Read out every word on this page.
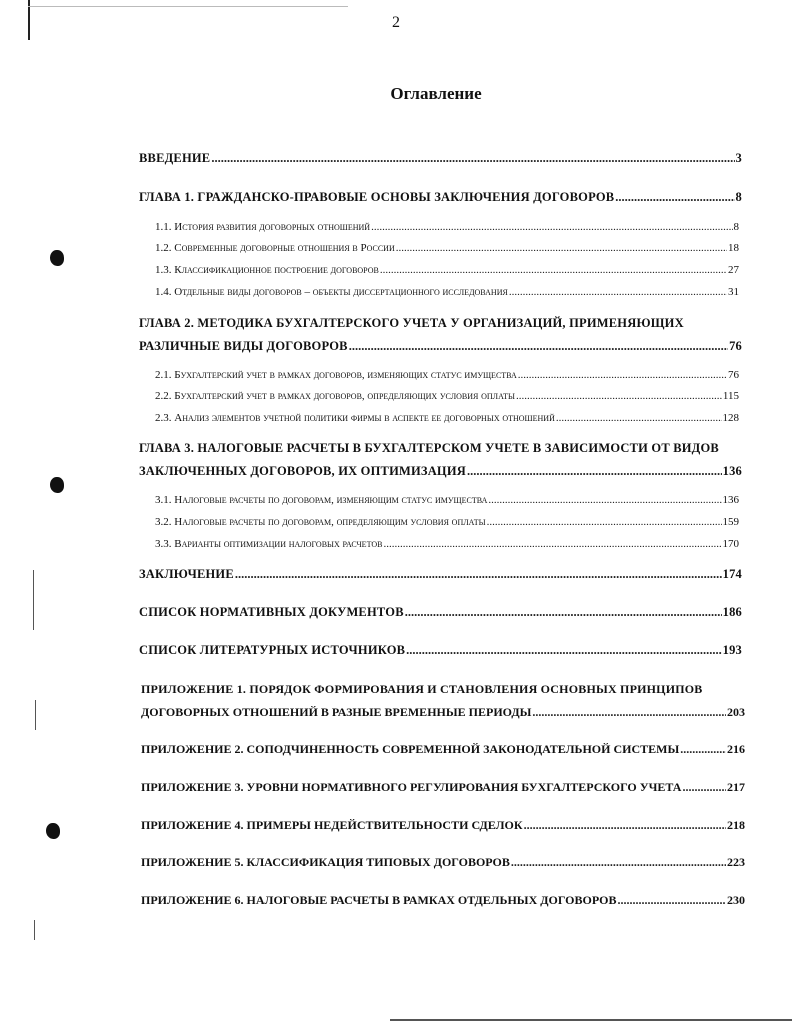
2
Оглавление
ВВЕДЕНИЕ .....	3
ГЛАВА 1. ГРАЖДАНСКО-ПРАВОВЫЕ ОСНОВЫ ЗАКЛЮЧЕНИЯ ДОГОВОРОВ .....	8
1.1. История развития договорных отношений .....	8
1.2. Современные договорные отношения в России .....	18
1.3. Классификационное построение договоров .....	27
1.4. Отдельные виды договоров – объекты диссертационного исследования .....	31
ГЛАВА 2. МЕТОДИКА БУХГАЛТЕРСКОГО УЧЕТА У ОРГАНИЗАЦИЙ, ПРИМЕНЯЮЩИХ
РАЗЛИЧНЫЕ ВИДЫ ДОГОВОРОВ .....	76
2.1. Бухгалтерский учет в рамках договоров, изменяющих статус имущества .....	76
2.2. Бухгалтерский учет в рамках договоров, определяющих условия оплаты .....	115
2.3. Анализ элементов учетной политики фирмы в аспекте ее договорных отношений .....	128
ГЛАВА 3. НАЛОГОВЫЕ РАСЧЕТЫ В БУХГАЛТЕРСКОМ УЧЕТЕ В ЗАВИСИМОСТИ ОТ ВИДОВ
ЗАКЛЮЧЕННЫХ ДОГОВОРОВ, ИХ ОПТИМИЗАЦИЯ .....	136
3.1. Налоговые расчеты по договорам, изменяющим статус имущества .....	136
3.2. Налоговые расчеты по договорам, определяющим условия оплаты .....	159
3.3. Варианты оптимизации налоговых расчетов .....	170
ЗАКЛЮЧЕНИЕ .....	174
СПИСОК НОРМАТИВНЫХ ДОКУМЕНТОВ .....	186
СПИСОК ЛИТЕРАТУРНЫХ ИСТОЧНИКОВ .....	193
ПРИЛОЖЕНИЕ 1. ПОРЯДОК ФОРМИРОВАНИЯ И СТАНОВЛЕНИЯ ОСНОВНЫХ ПРИНЦИПОВ
ДОГОВОРНЫХ ОТНОШЕНИЙ В РАЗНЫЕ ВРЕМЕННЫЕ ПЕРИОДЫ .....	203
ПРИЛОЖЕНИЕ 2. СОПОДЧИНЕННОСТЬ СОВРЕМЕННОЙ ЗАКОНОДАТЕЛЬНОЙ СИСТЕМЫ .....	216
ПРИЛОЖЕНИЕ 3. УРОВНИ НОРМАТИВНОГО РЕГУЛИРОВАНИЯ БУХГАЛТЕРСКОГО УЧЕТА .....	217
ПРИЛОЖЕНИЕ 4. ПРИМЕРЫ НЕДЕЙСТВИТЕЛЬНОСТИ СДЕЛОК .....	218
ПРИЛОЖЕНИЕ 5. КЛАССИФИКАЦИЯ ТИПОВЫХ ДОГОВОРОВ .....	223
ПРИЛОЖЕНИЕ 6. НАЛОГОВЫЕ РАСЧЕТЫ В РАМКАХ ОТДЕЛЬНЫХ ДОГОВОРОВ .....	230
